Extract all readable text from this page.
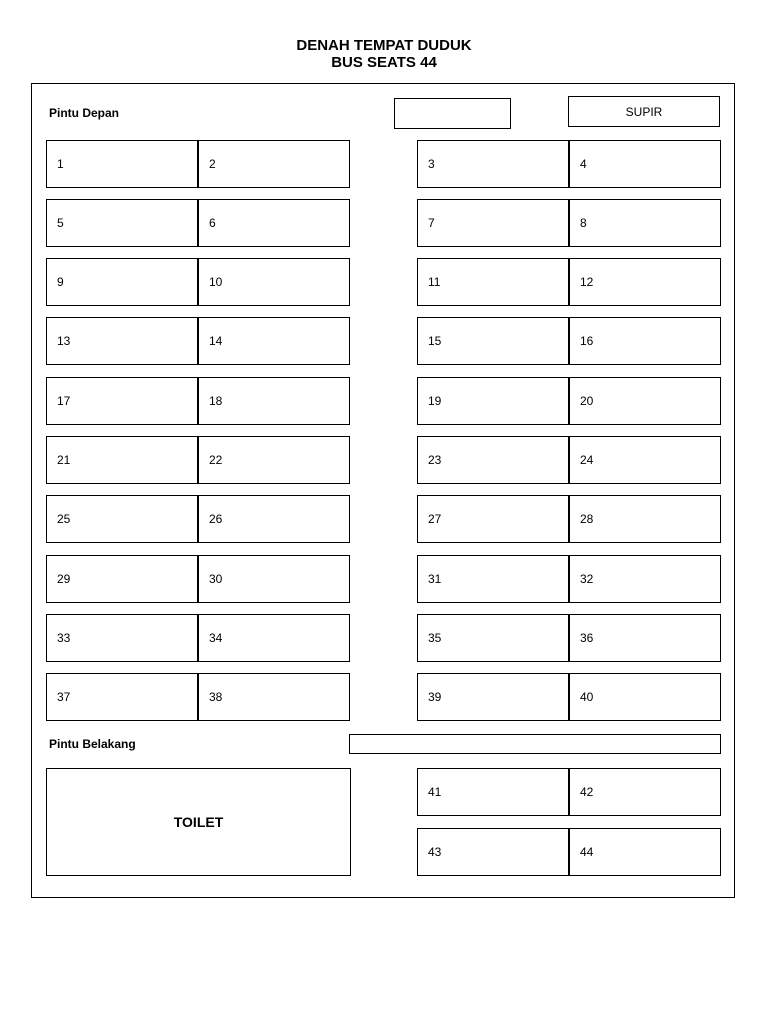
DENAH TEMPAT DUDUK
BUS SEATS 44
Pintu Depan	SUPIR
1	2	3	4
5	6	7	8
9	10	11	12
13	14	15	16
17	18	19	20
21	22	23	24
25	26	27	28
29	30	31	32
33	34	35	36
37	38	39	40
41	42
43	44
Pintu Belakang
TOILET
